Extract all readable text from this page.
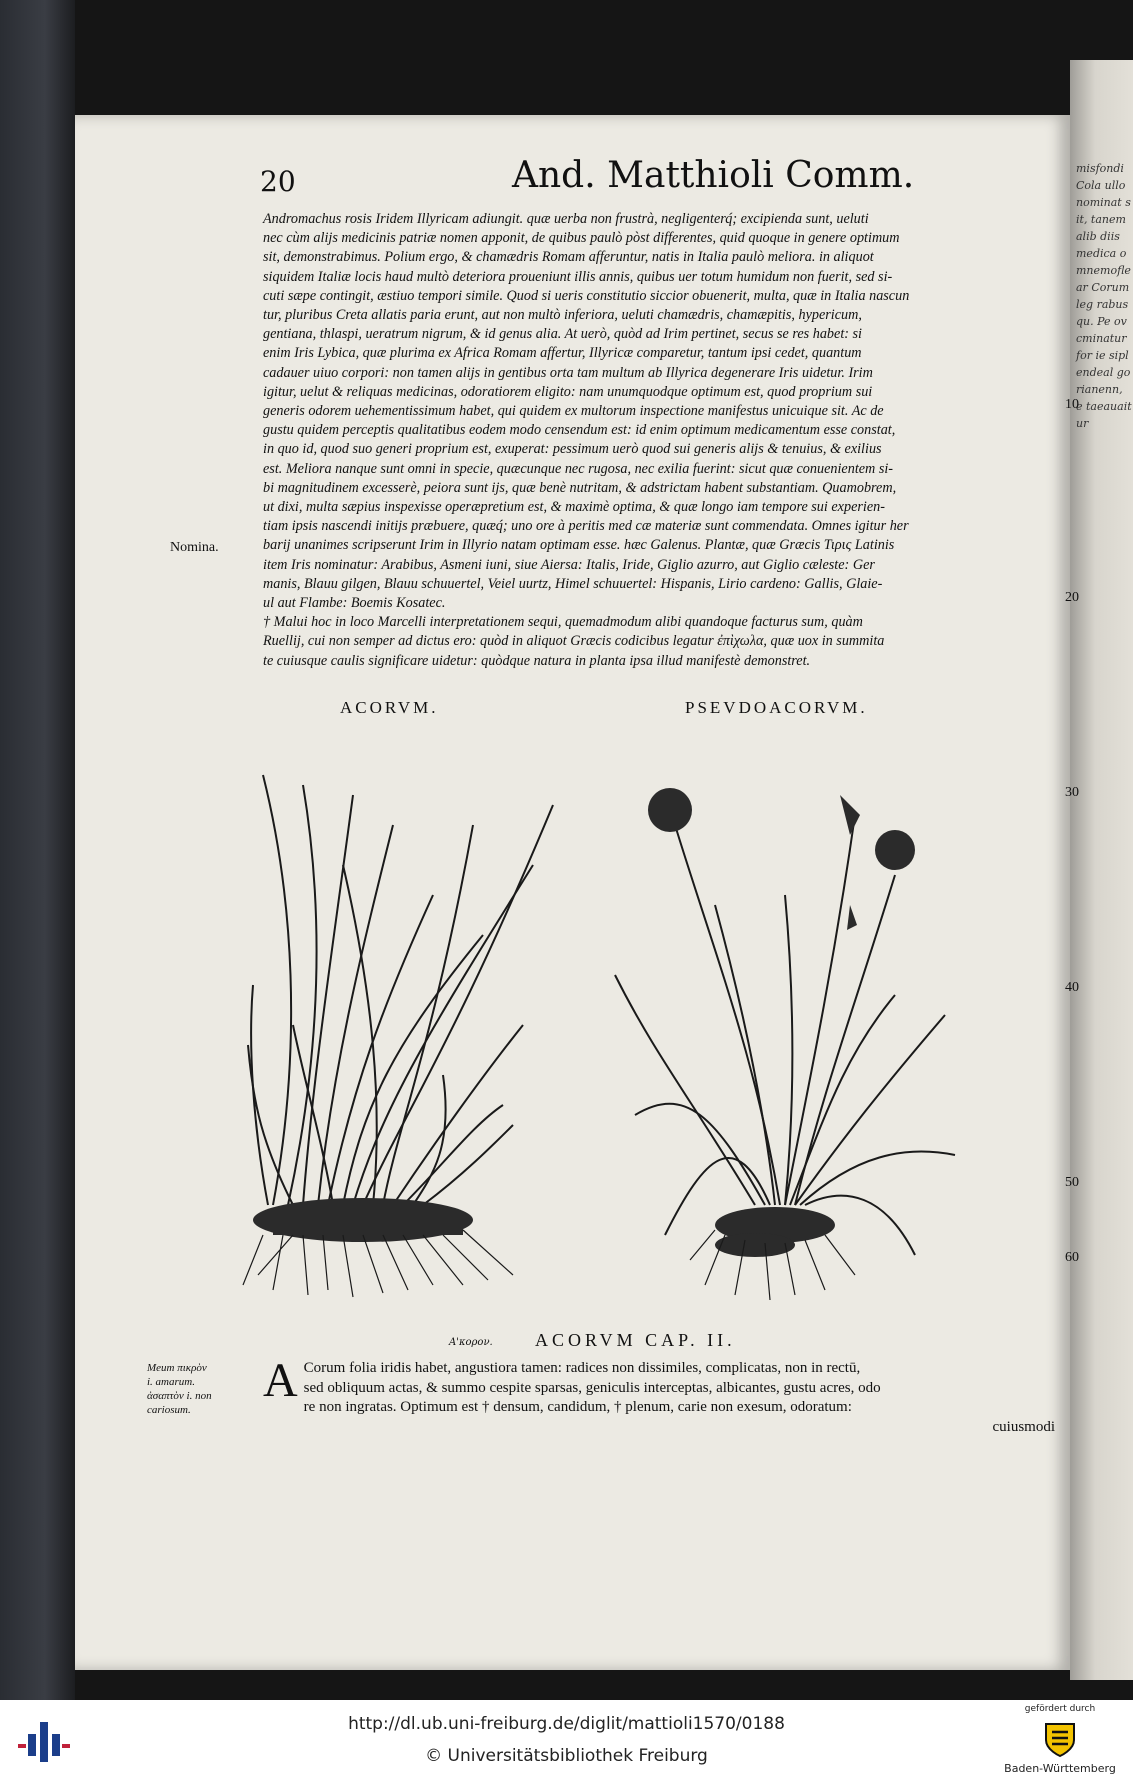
misfondi Cola ullo nominat sit, tanem alib diis medica omnemoflear Corumleg rabusqu. Pe ovcminatur for ie siplendeal gorianenn, e taeauaitur
20	And. Matthioli Comm.

Andromachus rosis Iridem Illyricam adiungit. quæ uerba non frustrà, negligenterq́; excipienda sunt, ueluti

nec cùm alijs medicinis patriæ nomen apponit, de quibus paulò pòst differentes, quid quoque in genere optimum

sit, demonstrabimus. Polium ergo, & chamædris Romam afferuntur, natis in Italia paulò meliora. in aliquot

siquidem Italiæ locis haud multò deteriora proueniunt illis annis, quibus uer totum humidum non fuerit, sed si-

cuti sæpe contingit, æstiuo tempori simile. Quod si ueris constitutio siccior obuenerit, multa, quæ in Italia nascun

tur, pluribus Creta allatis paria erunt, aut non multò inferiora, ueluti chamædris, chamæpitis, hypericum,

gentiana, thlaspi, ueratrum nigrum, & id genus alia. At uerò, quòd ad Irim pertinet, secus se res habet: si

enim Iris Lybica, quæ plurima ex Africa Romam affertur, Illyricæ comparetur, tantum ipsi cedet, quantum

cadauer uiuo corpori: non tamen alijs in gentibus orta tam multum ab Illyrica degenerare Iris uidetur. Irim

igitur, uelut & reliquas medicinas, odoratiorem eligito: nam unumquodque optimum est, quod proprium sui

generis odorem uehementissimum habet, qui quidem ex multorum inspectione manifestus unicuique sit. Ac de

gustu quidem perceptis qualitatibus eodem modo censendum est: id enim optimum medicamentum esse constat,

in quo id, quod suo generi proprium est, exuperat: pessimum uerò quod sui generis alijs & tenuius, & exilius

est. Meliora nanque sunt omni in specie, quæcunque nec rugosa, nec exilia fuerint: sicut quæ conuenientem si-

bi magnitudinem excesserè, peiora sunt ijs, quæ benè nutritam, & adstrictam habent substantiam. Quamobrem,

ut dixi, multa sæpius inspexisse operæpretium est, & maximè optima, & quæ longo iam tempore sui experien-

tiam ipsis nascendi initijs præbuere, quæq́; uno ore à peritis med cæ materiæ sunt commendata. Omnes igitur her

barij unanimes scripserunt Irim in Illyrio natam optimam esse. hæc Galenus. Plantæ, quæ Græcis Τιρις Latinis

item Iris nominatur: Arabibus, Asmeni iuni, siue Aiersa: Italis, Iride, Giglio azurro, aut Giglio cæleste: Ger

manis, Blauu gilgen, Blauu schuuertel, Veiel uurtz, Himel schuuertel: Hispanis, Lirio cardeno: Gallis, Glaie-

ul aut Flambe: Boemis Kosatec.

† Malui hoc in loco Marcelli interpretationem sequi, quemadmodum alibi quandoque facturus sum, quàm

Ruellij, cui non semper ad dictus ero: quòd in aliquot Græcis codicibus legatur ἐπὶχωλα, quæ uox in summita

te cuiusque caulis significare uidetur: quòdque natura in planta ipsa illud manifestè demonstret.

Nomina.
10
20
30
40
50
60
ACORVM.	PSEVDOACORVM.
Α'κορον. ACORVM CAP. II.
Meum πικρὸν
i. amarum.
ἀσαπτὸν i. non
cariosum.
A Corum folia iridis habet, angustiora tamen: radices non dissimiles, complicatas, non in rectū,
sed obliquum actas, & summo cespite sparsas, geniculis interceptas, albicantes, gustu acres, odo
re non ingratas. Optimum est † densum, candidum, † plenum, carie non exesum, odoratum:
cuiusmodi
http://dl.ub.uni-freiburg.de/diglit/mattioli1570/0188
© Universitätsbibliothek Freiburg
gefördert durch
Baden-Württemberg
